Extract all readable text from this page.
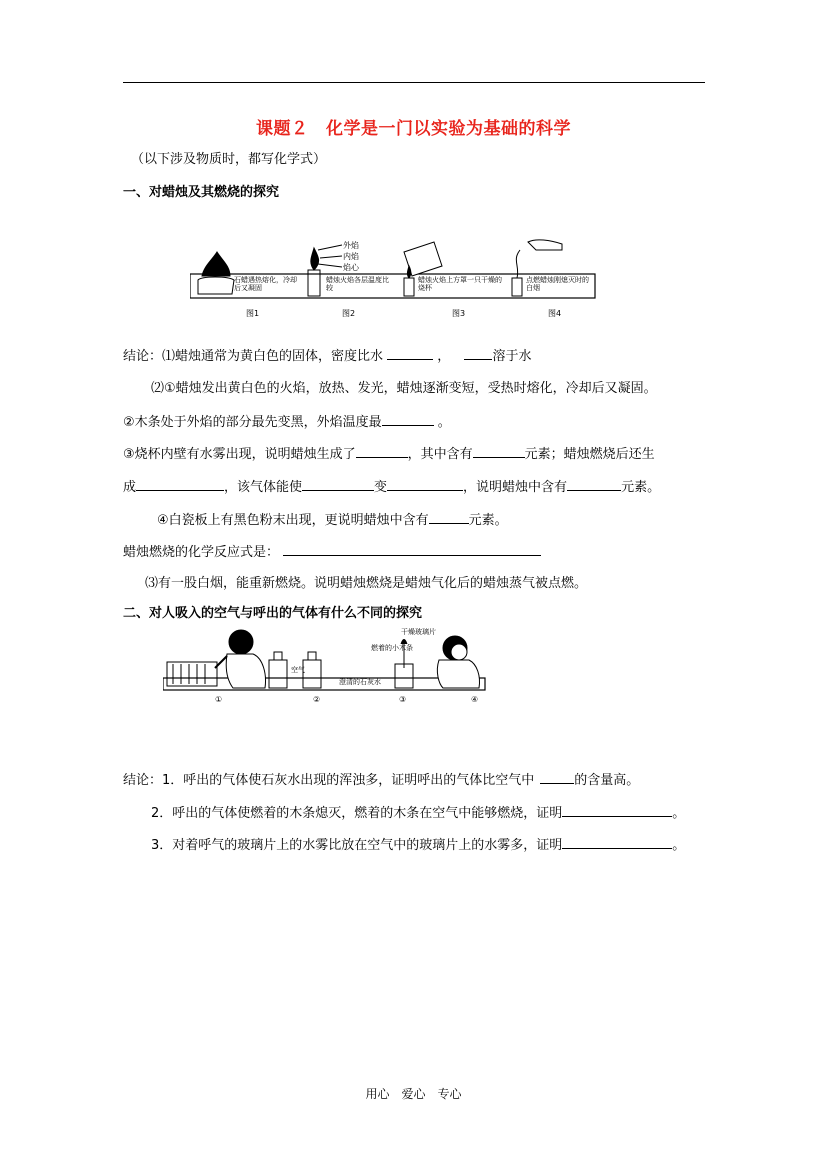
课题２　化学是一门以实验为基础的科学
（以下涉及物质时，都写化学式）
一、对蜡烛及其燃烧的探究
外焰
内焰
焰心
石蜡遇热熔化，冷却后又凝固
蜡烛火焰各层温度比较
蜡烛火焰上方罩一只干燥的烧杯
点燃蜡烛刚熄灭时的白烟
图1	图2	图3	图4
结论：⑴蜡烛通常为黄白色的固体，密度比水	，	溶于水
⑵①蜡烛发出黄白色的火焰，放热、发光，蜡烛逐渐变短，受热时熔化，冷却后又凝固。
②木条处于外焰的部分最先变黑，外焰温度最	。
③烧杯内壁有水雾出现，说明蜡烛生成了	，其中含有	元素；蜡烛燃烧后还生
成	，该气体能使	变	，说明蜡烛中含有	元素。
④白瓷板上有黑色粉末出现，更说明蜡烛中含有	元素。
蜡烛燃烧的化学反应式是：
⑶有一股白烟，能重新燃烧。说明蜡烛燃烧是蜡烛气化后的蜡烛蒸气被点燃。
二、对人吸入的空气与呼出的气体有什么不同的探究
空气
澄清的石灰水
燃着的小木条
干燥玻璃片
①	②	③	④
结论：1．呼出的气体使石灰水出现的浑浊多，证明呼出的气体比空气中	的含量高。
2．呼出的气体使燃着的木条熄灭，燃着的木条在空气中能够燃烧，证明	。
3．对着呼气的玻璃片上的水雾比放在空气中的玻璃片上的水雾多，证明	。
用心　爱心　专心
